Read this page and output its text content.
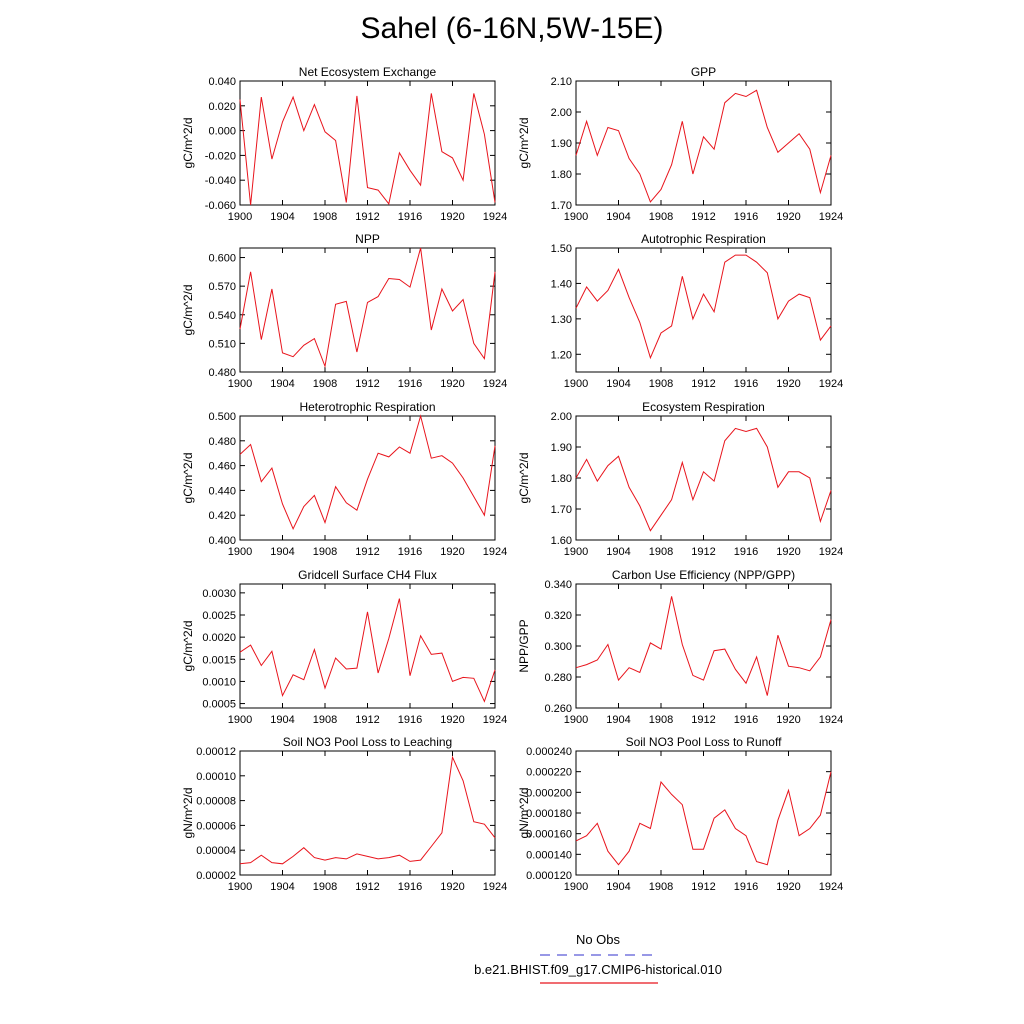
Sahel (6-16N,5W-15E)
Net Ecosystem Exchange
gC/m^2/d
1900 1904 1908 1912 1916 1920 1924
-0.060
-0.040
-0.020
0.000
0.020
0.040
GPP
gC/m^2/d
1900 1904 1908 1912 1916 1920 1924
1.70
1.80
1.90
2.00
2.10
NPP
gC/m^2/d
1900 1904 1908 1912 1916 1920 1924
0.480
0.510
0.540
0.570
0.600
Autotrophic Respiration
1900 1904 1908 1912 1916 1920 1924
1.20
1.30
1.40
1.50
Heterotrophic Respiration
gC/m^2/d
1900 1904 1908 1912 1916 1920 1924
0.400
0.420
0.440
0.460
0.480
0.500
Ecosystem Respiration
gC/m^2/d
1900 1904 1908 1912 1916 1920 1924
1.60
1.70
1.80
1.90
2.00
Gridcell Surface CH4 Flux
gC/m^2/d
1900 1904 1908 1912 1916 1920 1924
0.0005
0.0010
0.0015
0.0020
0.0025
0.0030
Carbon Use Efficiency (NPP/GPP)
NPP/GPP
1900 1904 1908 1912 1916 1920 1924
0.260
0.280
0.300
0.320
0.340
Soil NO3 Pool Loss to Leaching
gN/m^2/d
1900 1904 1908 1912 1916 1920 1924
0.00002
0.00004
0.00006
0.00008
0.00010
0.00012
Soil NO3 Pool Loss to Runoff
gN/m^2/d
1900 1904 1908 1912 1916 1920 1924
0.000120
0.000140
0.000160
0.000180
0.000200
0.000220
0.000240
No Obs
b.e21.BHIST.f09_g17.CMIP6-historical.010
